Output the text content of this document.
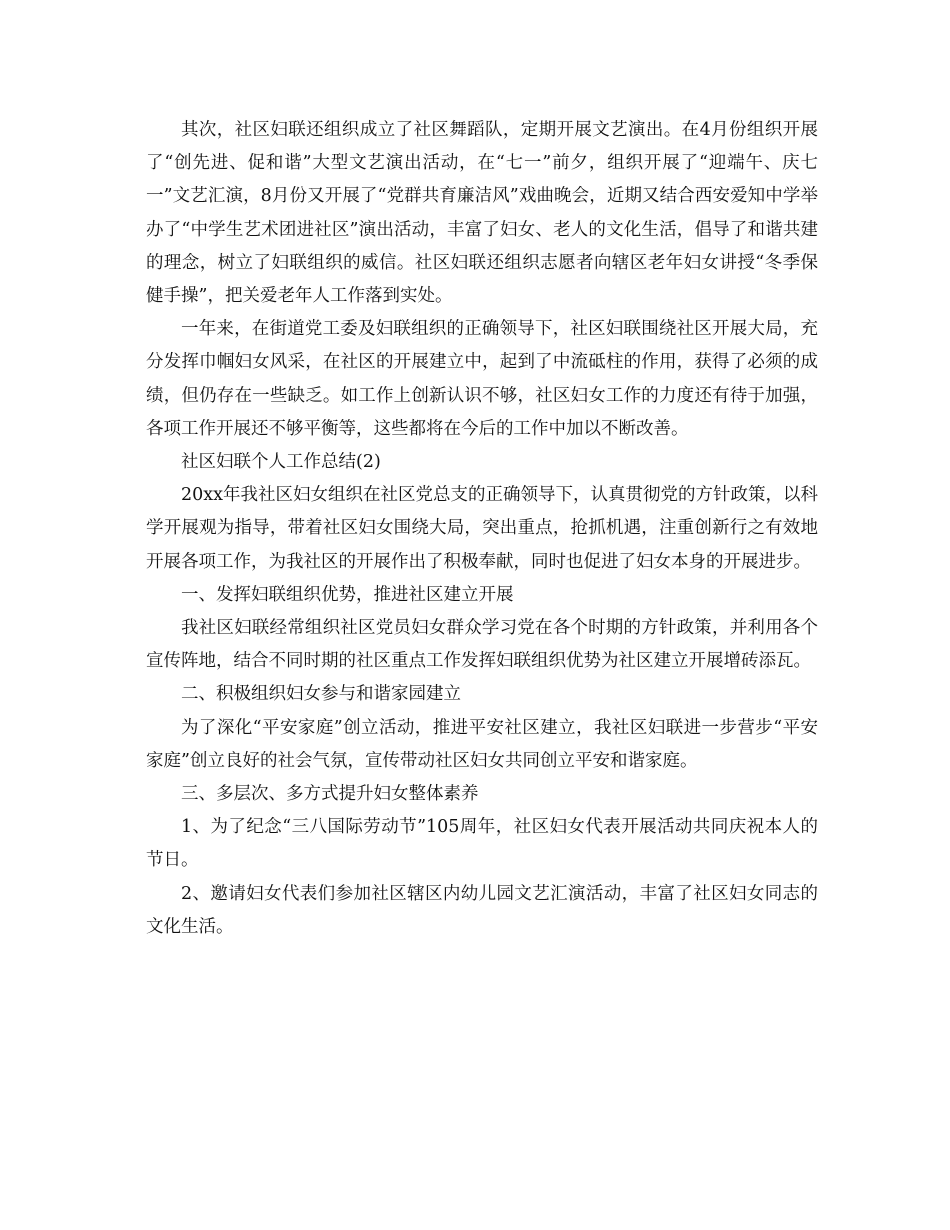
其次，社区妇联还组织成立了社区舞蹈队，定期开展文艺演出。在4月份组织开展了“创先进、促和谐”大型文艺演出活动，在“七一”前夕，组织开展了“迎端午、庆七一”文艺汇演，8月份又开展了“党群共育廉洁风”戏曲晚会，近期又结合西安爱知中学举办了“中学生艺术团进社区”演出活动，丰富了妇女、老人的文化生活，倡导了和谐共建的理念，树立了妇联组织的威信。社区妇联还组织志愿者向辖区老年妇女讲授“冬季保健手操”，把关爱老年人工作落到实处。

一年来，在街道党工委及妇联组织的正确领导下，社区妇联围绕社区开展大局，充分发挥巾帼妇女风采，在社区的开展建立中，起到了中流砥柱的作用，获得了必须的成绩，但仍存在一些缺乏。如工作上创新认识不够，社区妇女工作的力度还有待于加强，各项工作开展还不够平衡等，这些都将在今后的工作中加以不断改善。

社区妇联个人工作总结(2)

20xx年我社区妇女组织在社区党总支的正确领导下，认真贯彻党的方针政策，以科学开展观为指导，带着社区妇女围绕大局，突出重点，抢抓机遇，注重创新行之有效地开展各项工作，为我社区的开展作出了积极奉献，同时也促进了妇女本身的开展进步。

一、发挥妇联组织优势，推进社区建立开展

我社区妇联经常组织社区党员妇女群众学习党在各个时期的方针政策，并利用各个宣传阵地，结合不同时期的社区重点工作发挥妇联组织优势为社区建立开展增砖添瓦。

二、积极组织妇女参与和谐家园建立

为了深化“平安家庭”创立活动，推进平安社区建立，我社区妇联进一步营步“平安家庭”创立良好的社会气氛，宣传带动社区妇女共同创立平安和谐家庭。

三、多层次、多方式提升妇女整体素养

1、为了纪念“三八国际劳动节”105周年，社区妇女代表开展活动共同庆祝本人的节日。

2、邀请妇女代表们参加社区辖区内幼儿园文艺汇演活动，丰富了社区妇女同志的文化生活。
